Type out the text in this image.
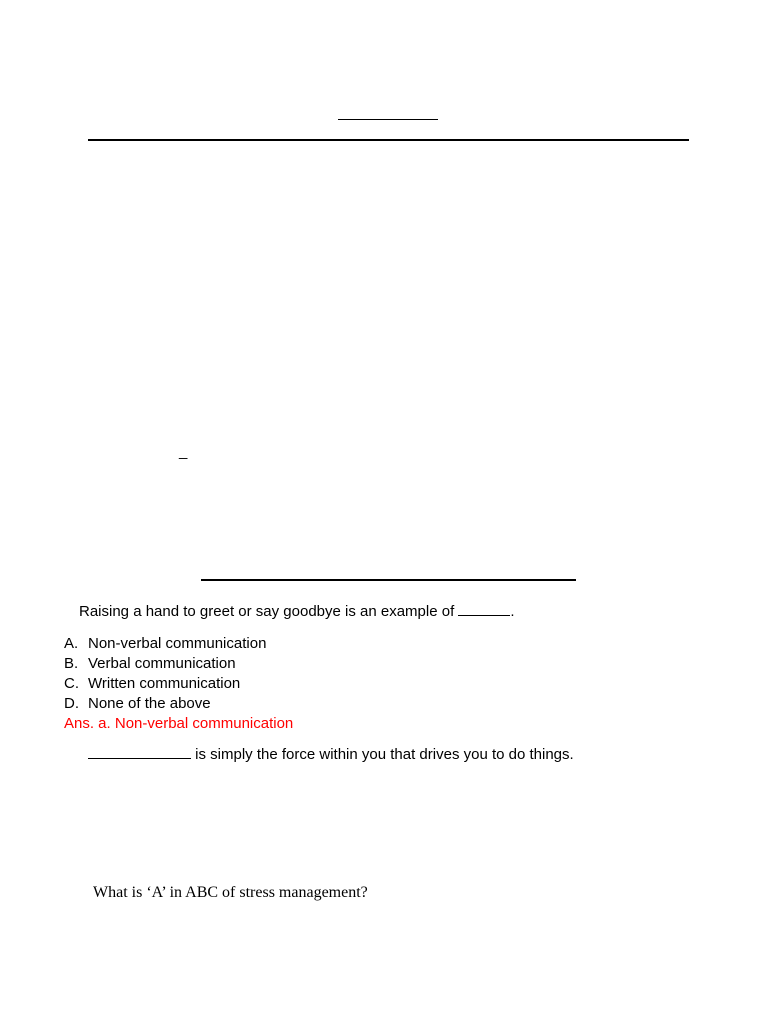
_
Raising a hand to greet or say goodbye is an example of	.
A. Non-verbal communication
B. Verbal communication
C. Written communication
D. None of the above
Ans. a. Non-verbal communication
is simply the force within you that drives you to do things.
What is ‘A’ in ABC of stress management?
